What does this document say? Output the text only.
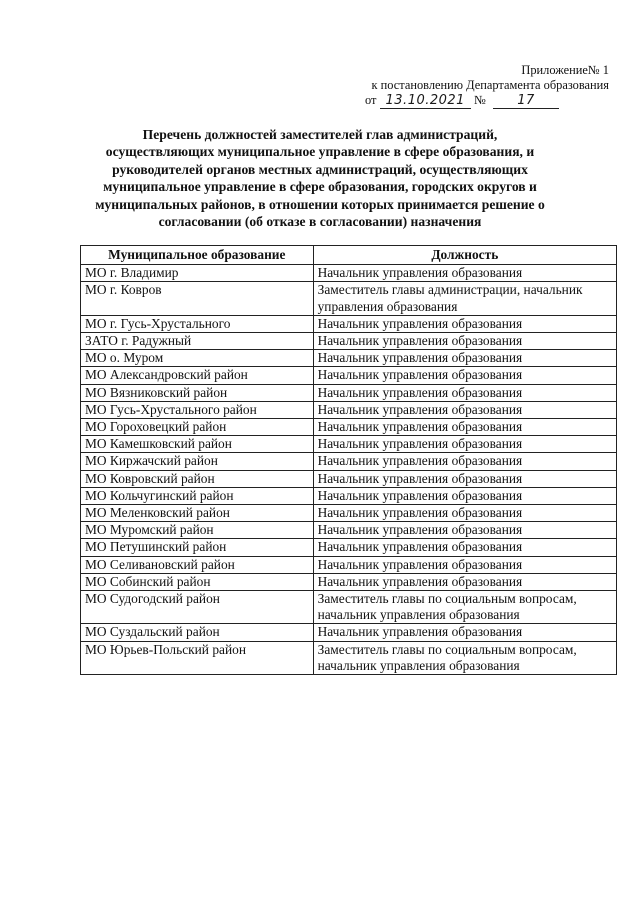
Приложение№ 1
к постановлению Департамента образования
от 13.10.2021 № 17
Перечень должностей заместителей глав администраций,
осуществляющих муниципальное управление в сфере образования, и
руководителей органов местных администраций, осуществляющих
муниципальное управление в сфере образования, городских округов и
муниципальных районов, в отношении которых принимается решение о
согласовании (об отказе в согласовании) назначения
Муниципальное образование	Должность
МО г. Владимир	Начальник управления образования
МО г. Ковров	Заместитель главы администрации, начальник управления образования
МО г. Гусь-Хрустального	Начальник управления образования
ЗАТО г. Радужный	Начальник управления образования
МО о. Муром	Начальник управления образования
МО Александровский район	Начальник управления образования
МО Вязниковский район	Начальник управления образования
МО Гусь-Хрустального район	Начальник управления образования
МО Гороховецкий район	Начальник управления образования
МО Камешковский район	Начальник управления образования
МО Киржачский район	Начальник управления образования
МО Ковровский район	Начальник управления образования
МО Кольчугинский район	Начальник управления образования
МО Меленковский район	Начальник управления образования
МО Муромский район	Начальник управления образования
МО Петушинский район	Начальник управления образования
МО Селивановский район	Начальник управления образования
МО Собинский район	Начальник управления образования
МО Судогодский район	Заместитель главы по социальным вопросам, начальник управления образования
МО Суздальский район	Начальник управления образования
МО Юрьев-Польский район	Заместитель главы по социальным вопросам, начальник управления образования
